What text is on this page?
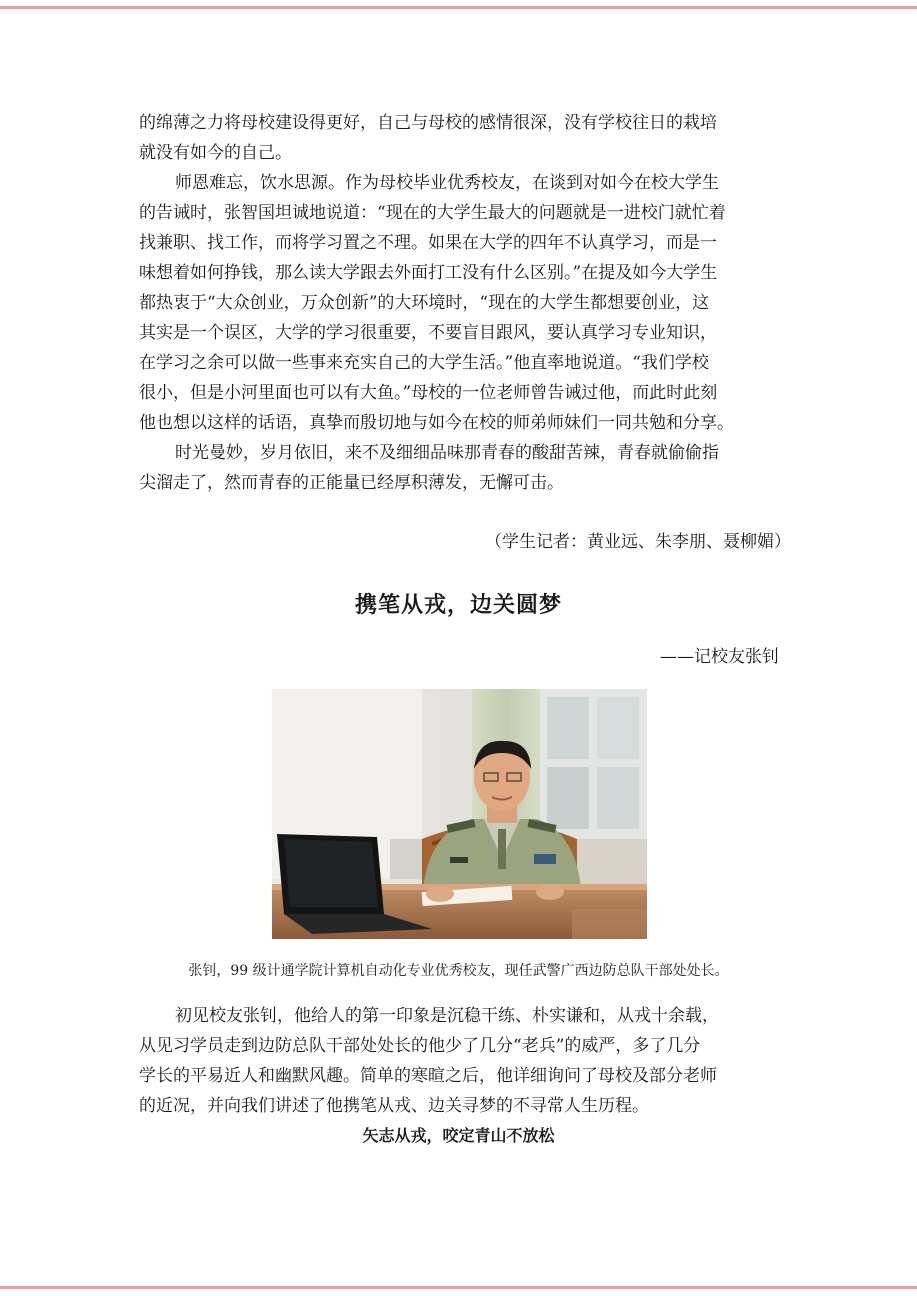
的绵薄之力将母校建设得更好，自己与母校的感情很深，没有学校往日的栽培
就没有如今的自己。
师恩难忘，饮水思源。作为母校毕业优秀校友，在谈到对如今在校大学生
的告诫时，张智国坦诚地说道：“现在的大学生最大的问题就是一进校门就忙着
找兼职、找工作，而将学习置之不理。如果在大学的四年不认真学习，而是一
味想着如何挣钱，那么读大学跟去外面打工没有什么区别。”在提及如今大学生
都热衷于“大众创业，万众创新”的大环境时，“现在的大学生都想要创业，这
其实是一个误区，大学的学习很重要，不要盲目跟风，要认真学习专业知识，
在学习之余可以做一些事来充实自己的大学生活。”他直率地说道。“我们学校
很小，但是小河里面也可以有大鱼。”母校的一位老师曾告诫过他，而此时此刻
他也想以这样的话语，真挚而殷切地与如今在校的师弟师妹们一同共勉和分享。
时光曼妙，岁月依旧，来不及细细品味那青春的酸甜苦辣，青春就偷偷指
尖溜走了，然而青春的正能量已经厚积薄发，无懈可击。
（学生记者：黄业远、朱李朋、聂柳媚）
携笔从戎，边关圆梦
——记校友张钊
张钊，99 级计通学院计算机自动化专业优秀校友，现任武警广西边防总队干部处处长。
初见校友张钊，他给人的第一印象是沉稳干练、朴实谦和，从戎十余载，
从见习学员走到边防总队干部处处长的他少了几分“老兵”的威严，多了几分
学长的平易近人和幽默风趣。简单的寒暄之后，他详细询问了母校及部分老师
的近况，并向我们讲述了他携笔从戎、边关寻梦的不寻常人生历程。
矢志从戎，咬定青山不放松
